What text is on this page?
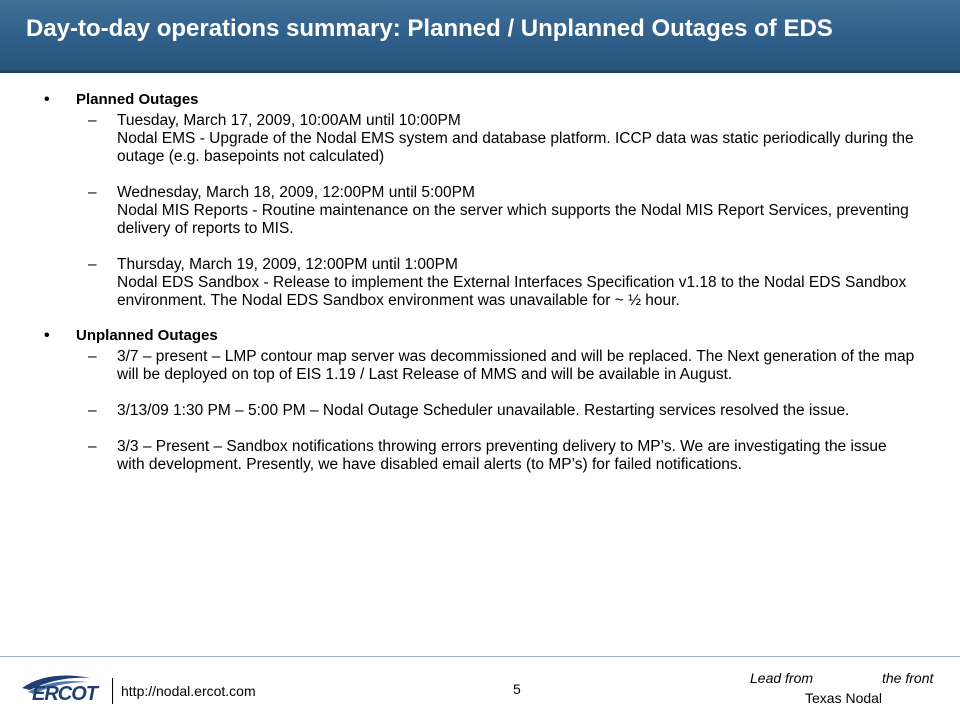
Day-to-day operations summary: Planned / Unplanned Outages of EDS
•	Planned Outages
–	Tuesday, March 17, 2009, 10:00AM until 10:00PM
Nodal EMS - Upgrade of the Nodal EMS system and database platform. ICCP data was static periodically during the outage (e.g. basepoints not calculated)
–	Wednesday, March 18, 2009, 12:00PM until 5:00PM
Nodal MIS Reports - Routine maintenance on the server which supports the Nodal MIS Report Services, preventing delivery of reports to MIS.
–	Thursday, March 19, 2009, 12:00PM until 1:00PM
Nodal EDS Sandbox - Release to implement the External Interfaces Specification v1.18 to the Nodal EDS Sandbox environment. The Nodal EDS Sandbox environment was unavailable for ~ ½ hour.
•	Unplanned Outages
–	3/7 – present – LMP contour map server was decommissioned and will be replaced. The Next generation of the map will be deployed on top of EIS 1.19 / Last Release of MMS and will be available in August.
–	3/13/09 1:30 PM – 5:00 PM – Nodal Outage Scheduler unavailable. Restarting services resolved the issue.
–	3/3 – Present – Sandbox notifications throwing errors preventing delivery to MP’s. We are investigating the issue with development. Presently, we have disabled email alerts (to MP’s) for failed notifications.
ERCOT http://nodal.ercot.com	5
Lead from	the front
Texas Nodal
